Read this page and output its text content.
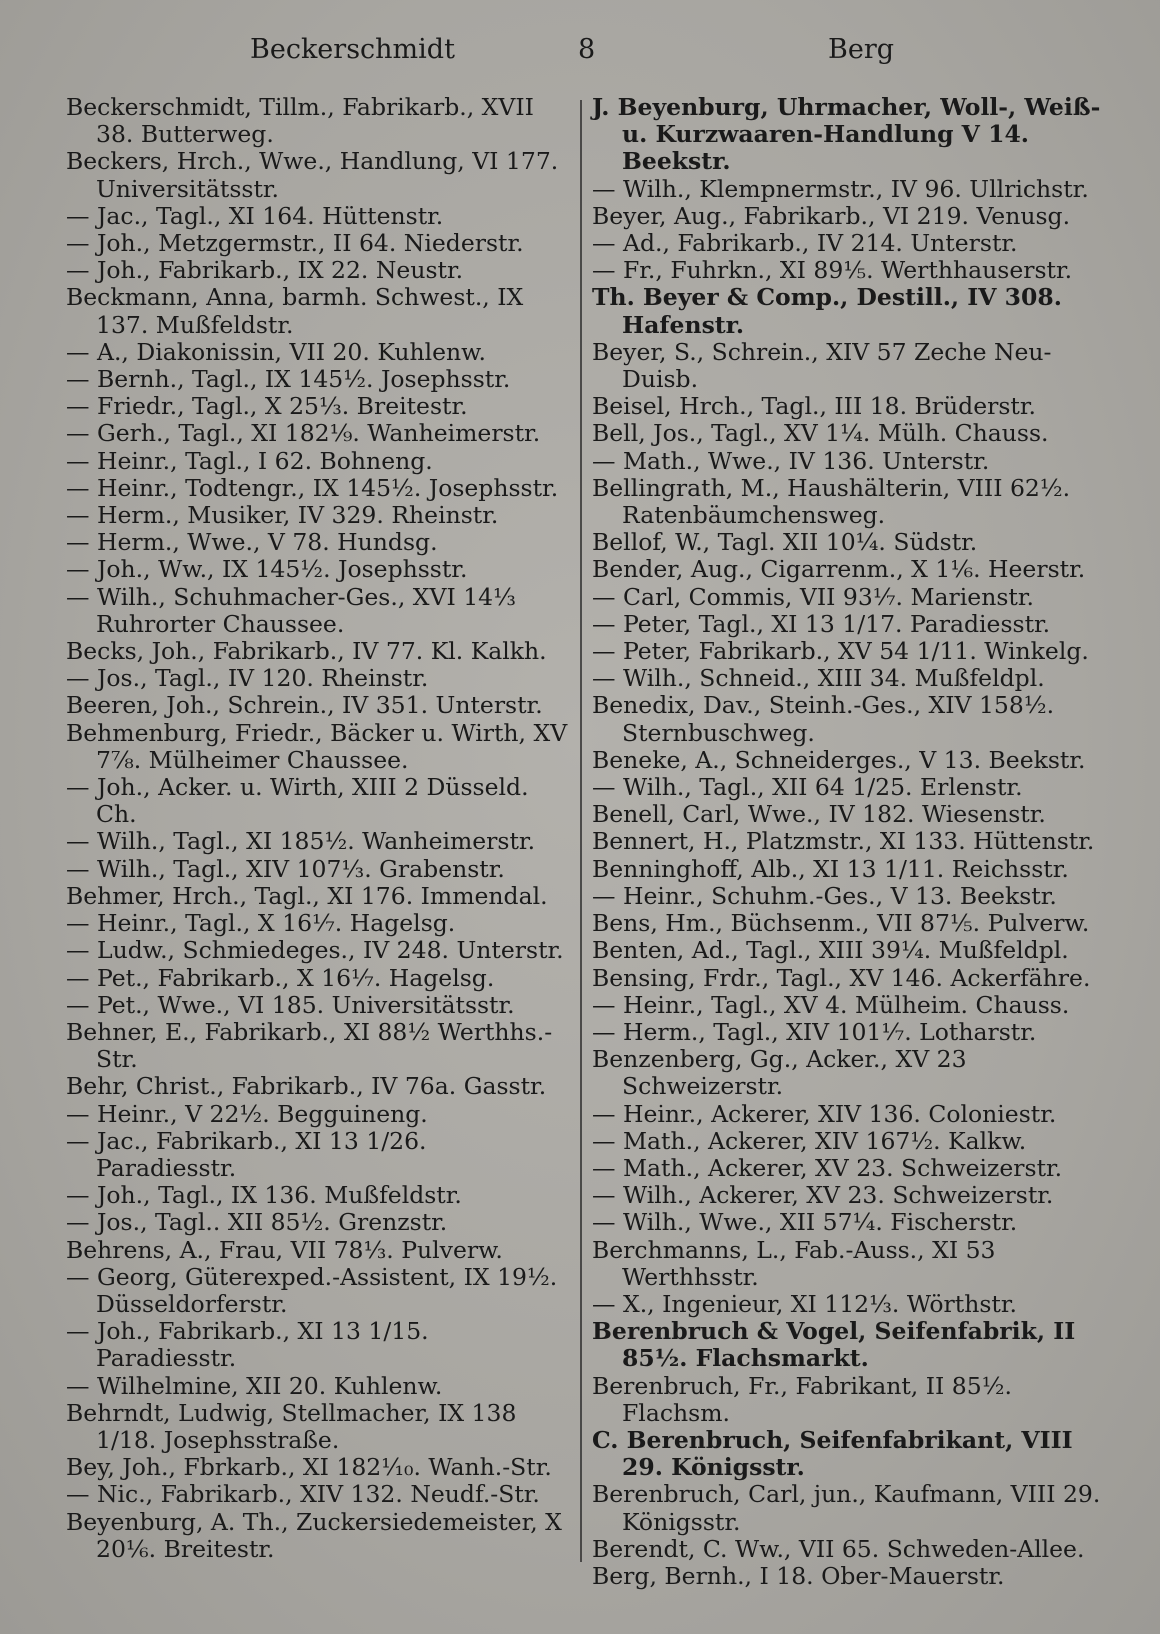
Beckerschmidt	8	Berg
Beckerschmidt, Tillm., Fabrikarb., XVII 38. Butterweg.
Beckers, Hrch., Wwe., Handlung, VI 177. Universitätsstr.
— Jac., Tagl., XI 164. Hüttenstr.
— Joh., Metzgermstr., II 64. Niederstr.
— Joh., Fabrikarb., IX 22. Neustr.
Beckmann, Anna, barmh. Schwest., IX 137. Mußfeldstr.
— A., Diakonissin, VII 20. Kuhlenw.
— Bernh., Tagl., IX 145½. Josephsstr.
— Friedr., Tagl., X 25⅓. Breitestr.
— Gerh., Tagl., XI 182⅑. Wanheimerstr.
— Heinr., Tagl., I 62. Bohneng.
— Heinr., Todtengr., IX 145½. Josephsstr.
— Herm., Musiker, IV 329. Rheinstr.
— Herm., Wwe., V 78. Hundsg.
— Joh., Ww., IX 145½. Josephsstr.
— Wilh., Schuhmacher-Ges., XVI 14⅓ Ruhrorter Chaussee.
Becks, Joh., Fabrikarb., IV 77. Kl. Kalkh.
— Jos., Tagl., IV 120. Rheinstr.
Beeren, Joh., Schrein., IV 351. Unterstr.
Behmenburg, Friedr., Bäcker u. Wirth, XV 7⅞. Mülheimer Chaussee.
— Joh., Acker. u. Wirth, XIII 2 Düsseld. Ch.
— Wilh., Tagl., XI 185½. Wanheimerstr.
— Wilh., Tagl., XIV 107⅓. Grabenstr.
Behmer, Hrch., Tagl., XI 176. Immendal.
— Heinr., Tagl., X 16⅐. Hagelsg.
— Ludw., Schmiedeges., IV 248. Unterstr.
— Pet., Fabrikarb., X 16⅐. Hagelsg.
— Pet., Wwe., VI 185. Universitätsstr.
Behner, E., Fabrikarb., XI 88½ Werthhs.-Str.
Behr, Christ., Fabrikarb., IV 76a. Gasstr.
— Heinr., V 22½. Begguineng.
— Jac., Fabrikarb., XI 13 1/26. Paradiesstr.
— Joh., Tagl., IX 136. Mußfeldstr.
— Jos., Tagl.. XII 85½. Grenzstr.
Behrens, A., Frau, VII 78⅓. Pulverw.
— Georg, Güterexped.-Assistent, IX 19½. Düsseldorferstr.
— Joh., Fabrikarb., XI 13 1/15. Paradiesstr.
— Wilhelmine, XII 20. Kuhlenw.
Behrndt, Ludwig, Stellmacher, IX 138 1/18. Josephsstraße.
Bey, Joh., Fbrkarb., XI 182⅒. Wanh.-Str.
— Nic., Fabrikarb., XIV 132. Neudf.-Str.
Beyenburg, A. Th., Zuckersiedemeister, X 20⅙. Breitestr.
J. Beyenburg, Uhrmacher, Woll-, Weiß- u. Kurzwaaren-Handlung V 14. Beekstr.
— Wilh., Klempnermstr., IV 96. Ullrichstr.
Beyer, Aug., Fabrikarb., VI 219. Venusg.
— Ad., Fabrikarb., IV 214. Unterstr.
— Fr., Fuhrkn., XI 89⅕. Werthhauserstr.
Th. Beyer & Comp., Destill., IV 308. Hafenstr.
Beyer, S., Schrein., XIV 57 Zeche Neu-Duisb.
Beisel, Hrch., Tagl., III 18. Brüderstr.
Bell, Jos., Tagl., XV 1¼. Mülh. Chauss.
— Math., Wwe., IV 136. Unterstr.
Bellingrath, M., Haushälterin, VIII 62½. Ratenbäumchensweg.
Bellof, W., Tagl. XII 10¼. Südstr.
Bender, Aug., Cigarrenm., X 1⅙. Heerstr.
— Carl, Commis, VII 93⅐. Marienstr.
— Peter, Tagl., XI 13 1/17. Paradiesstr.
— Peter, Fabrikarb., XV 54 1/11. Winkelg.
— Wilh., Schneid., XIII 34. Mußfeldpl.
Benedix, Dav., Steinh.-Ges., XIV 158½. Sternbuschweg.
Beneke, A., Schneiderges., V 13. Beekstr.
— Wilh., Tagl., XII 64 1/25. Erlenstr.
Benell, Carl, Wwe., IV 182. Wiesenstr.
Bennert, H., Platzmstr., XI 133. Hüttenstr.
Benninghoff, Alb., XI 13 1/11. Reichsstr.
— Heinr., Schuhm.-Ges., V 13. Beekstr.
Bens, Hm., Büchsenm., VII 87⅕. Pulverw.
Benten, Ad., Tagl., XIII 39¼. Mußfeldpl.
Bensing, Frdr., Tagl., XV 146. Ackerfähre.
— Heinr., Tagl., XV 4. Mülheim. Chauss.
— Herm., Tagl., XIV 101⅐. Lotharstr.
Benzenberg, Gg., Acker., XV 23 Schweizerstr.
— Heinr., Ackerer, XIV 136. Coloniestr.
— Math., Ackerer, XIV 167½. Kalkw.
— Math., Ackerer, XV 23. Schweizerstr.
— Wilh., Ackerer, XV 23. Schweizerstr.
— Wilh., Wwe., XII 57¼. Fischerstr.
Berchmanns, L., Fab.-Auss., XI 53 Werthhsstr.
— X., Ingenieur, XI 112⅓. Wörthstr.
Berenbruch & Vogel, Seifenfabrik, II 85½. Flachsmarkt.
Berenbruch, Fr., Fabrikant, II 85½. Flachsm.
C. Berenbruch, Seifenfabrikant, VIII 29. Königsstr.
Berenbruch, Carl, jun., Kaufmann, VIII 29. Königsstr.
Berendt, C. Ww., VII 65. Schweden-Allee.
Berg, Bernh., I 18. Ober-Mauerstr.
